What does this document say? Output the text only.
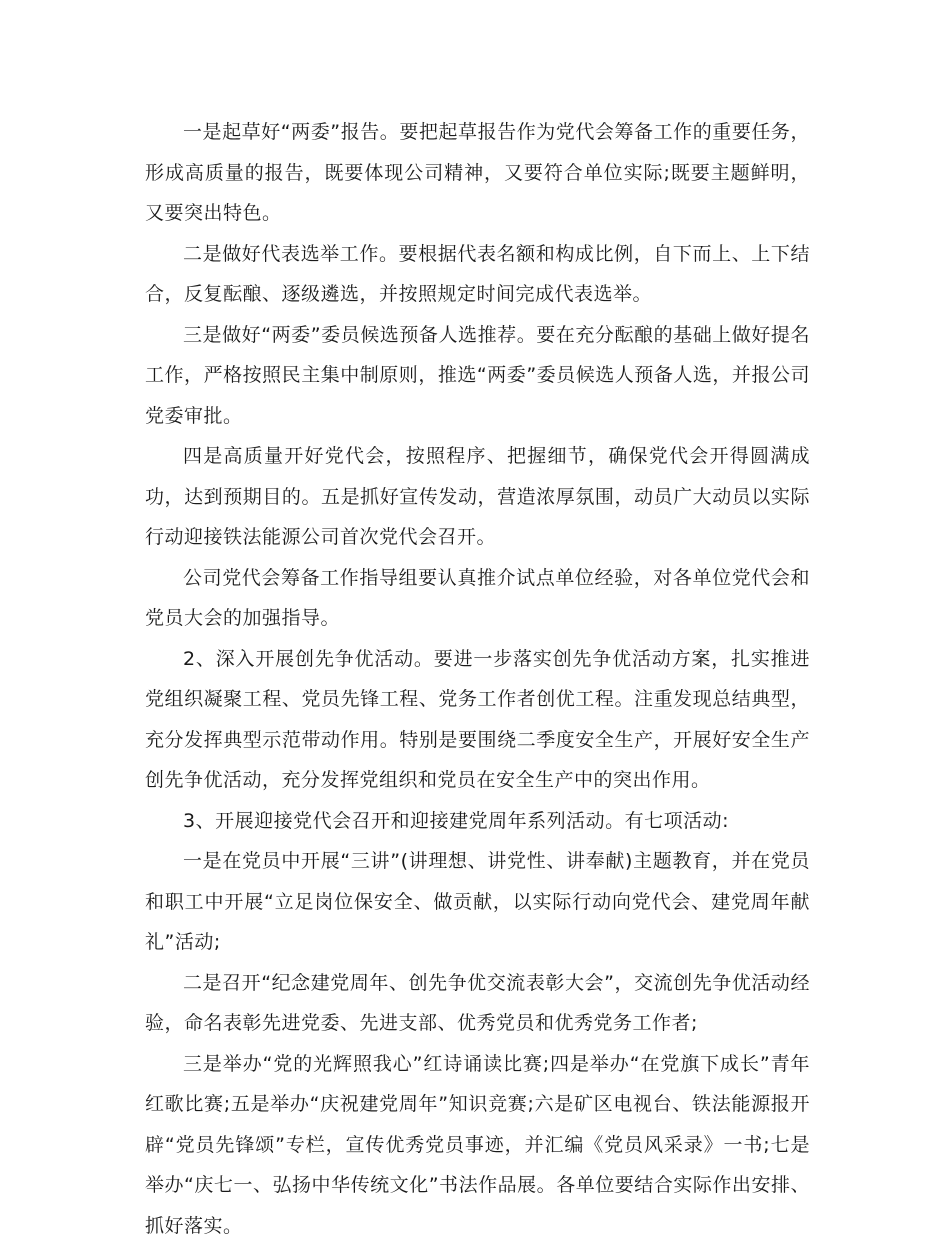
一是起草好“两委”报告。要把起草报告作为党代会筹备工作的重要任务，形成高质量的报告，既要体现公司精神，又要符合单位实际;既要主题鲜明，又要突出特色。

二是做好代表选举工作。要根据代表名额和构成比例，自下而上、上下结合，反复酝酿、逐级遴选，并按照规定时间完成代表选举。

三是做好“两委”委员候选预备人选推荐。要在充分酝酿的基础上做好提名工作，严格按照民主集中制原则，推选“两委”委员候选人预备人选，并报公司党委审批。

四是高质量开好党代会，按照程序、把握细节，确保党代会开得圆满成功，达到预期目的。五是抓好宣传发动，营造浓厚氛围，动员广大动员以实际行动迎接铁法能源公司首次党代会召开。

公司党代会筹备工作指导组要认真推介试点单位经验，对各单位党代会和党员大会的加强指导。

2、深入开展创先争优活动。要进一步落实创先争优活动方案，扎实推进党组织凝聚工程、党员先锋工程、党务工作者创优工程。注重发现总结典型，充分发挥典型示范带动作用。特别是要围绕二季度安全生产，开展好安全生产创先争优活动，充分发挥党组织和党员在安全生产中的突出作用。

3、开展迎接党代会召开和迎接建党周年系列活动。有七项活动:

一是在党员中开展“三讲”(讲理想、讲党性、讲奉献)主题教育，并在党员和职工中开展“立足岗位保安全、做贡献，以实际行动向党代会、建党周年献礼”活动;

二是召开“纪念建党周年、创先争优交流表彰大会”，交流创先争优活动经验，命名表彰先进党委、先进支部、优秀党员和优秀党务工作者;

三是举办“党的光辉照我心”红诗诵读比赛;四是举办“在党旗下成长”青年红歌比赛;五是举办“庆祝建党周年”知识竞赛;六是矿区电视台、铁法能源报开辟“党员先锋颂”专栏，宣传优秀党员事迹，并汇编《党员风采录》一书;七是举办“庆七一、弘扬中华传统文化”书法作品展。各单位要结合实际作出安排、抓好落实。
